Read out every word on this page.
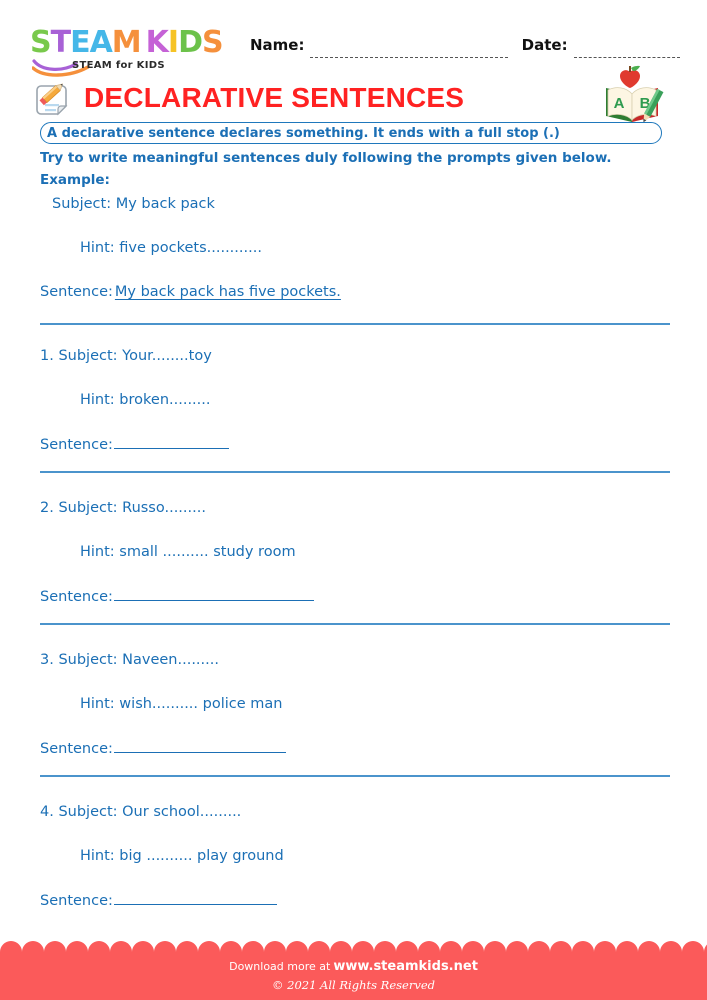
STEAM  KIDS
STEAM for KIDS
Name:	Date:
DECLARATIVE SENTENCES	A B
A declarative sentence declares something. It ends with a full stop (.)
Try to write meaningful sentences duly following the prompts given below.
Example:
Subject: My back pack
Hint: five pockets............
Sentence: My back pack has five pockets.
1. Subject: Your........toy
Hint: broken.........
Sentence:
2. Subject: Russo.........
Hint: small .......... study room
Sentence:
3. Subject: Naveen.........
Hint: wish.......... police man
Sentence:
4. Subject: Our school.........
Hint: big .......... play ground
Sentence:
Download more at www.steamkids.net
© 2021 All Rights Reserved
